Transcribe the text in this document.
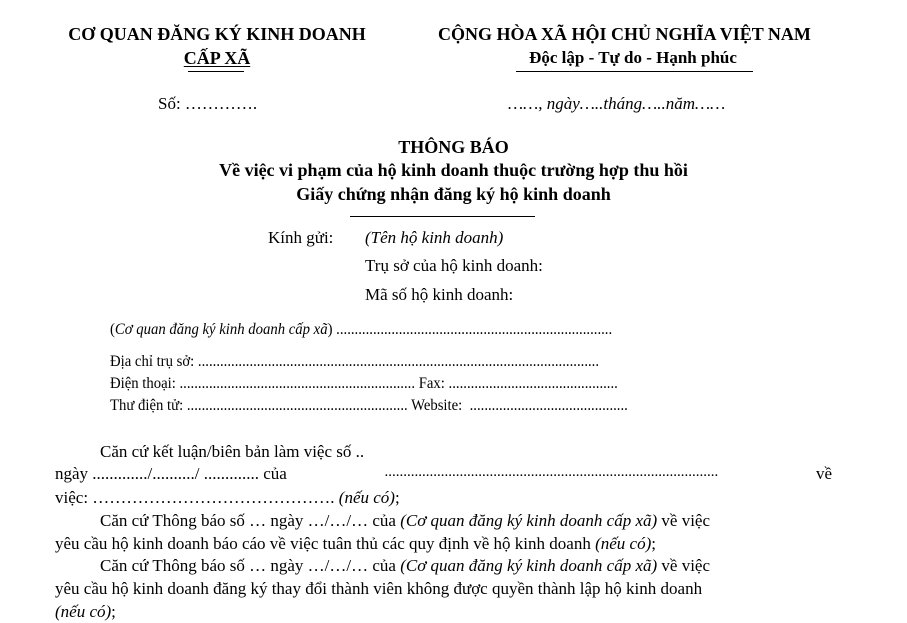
CƠ QUAN ĐĂNG KÝ KINH DOANH
CẤP XÃ
Số: ………….
CỘNG HÒA XÃ HỘI CHỦ NGHĨA VIỆT NAM
Độc lập - Tự do - Hạnh phúc
……, ngày…..tháng…..năm……
THÔNG BÁO
Về việc vi phạm của hộ kinh doanh thuộc trường hợp thu hồi
Giấy chứng nhận đăng ký hộ kinh doanh
Kính gửi: (Tên hộ kinh doanh)
Trụ sở của hộ kinh doanh:
Mã số hộ kinh doanh:
(Cơ quan đăng ký kinh doanh cấp xã) ...........................................................................
Địa chỉ trụ sở: .............................................................................................................
Điện thoại: ................................................................ Fax: ..............................................
Thư điện tử: ............................................................ Website: ...........................................
Căn cứ kết luận/biên bản làm việc số ..
ngày ............./........../ ............. của	.........................................................................................	về
việc: ……………………………………. (nếu có);
Căn cứ Thông báo số … ngày …/…/… của (Cơ quan đăng ký kinh doanh cấp xã) về việc
yêu cầu hộ kinh doanh báo cáo về việc tuân thủ các quy định về hộ kinh doanh (nếu có);
Căn cứ Thông báo số … ngày …/…/… của (Cơ quan đăng ký kinh doanh cấp xã) về việc
yêu cầu hộ kinh doanh đăng ký thay đổi thành viên không được quyền thành lập hộ kinh doanh
(nếu có);
